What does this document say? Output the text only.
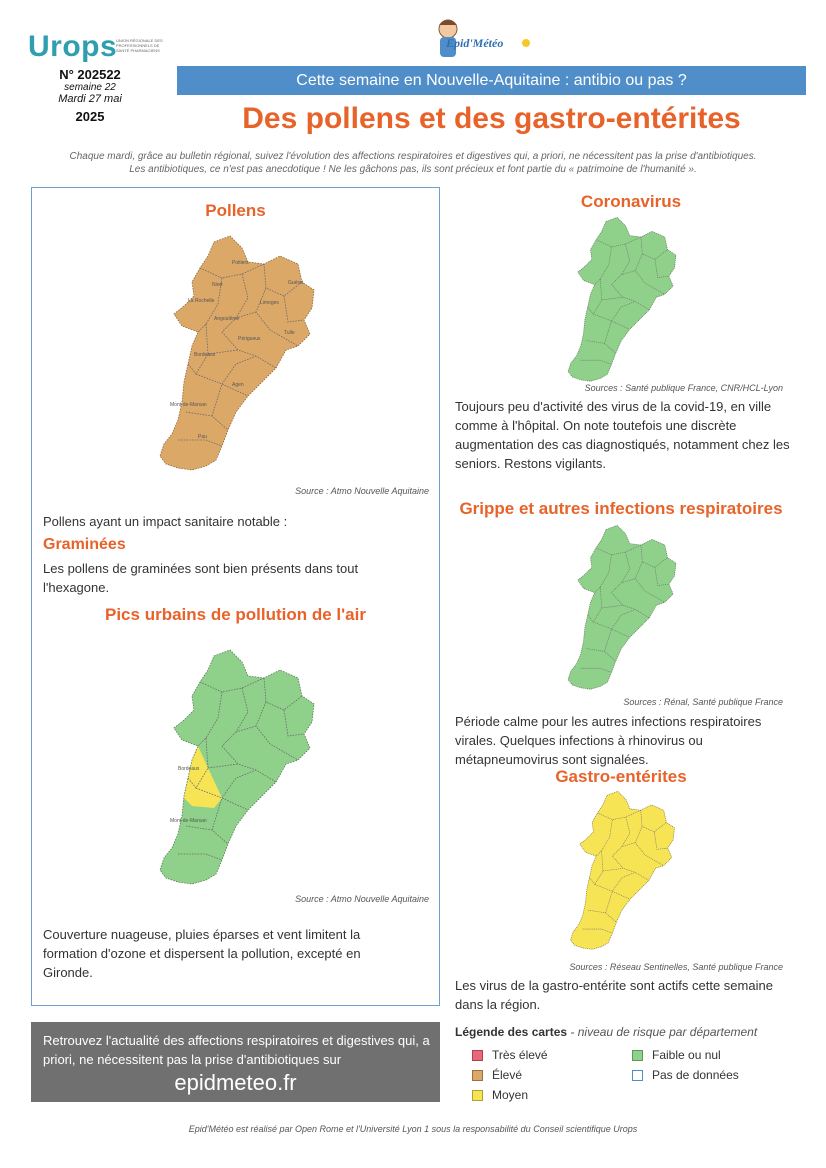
Urops
UNION RÉGIONALE DES PROFESSIONNELS DE SANTÉ PHARMACIENS
Epid'Météo
N° 202522
semaine 22
Mardi 27 mai
2025
Cette semaine en Nouvelle-Aquitaine : antibio ou pas ?
Des pollens et des gastro-entérites
Chaque mardi, grâce au bulletin régional, suivez l'évolution des affections respiratoires et digestives qui, a priori, ne nécessitent pas la prise d'antibiotiques.
Les antibiotiques, ce n'est pas anecdotique ! Ne les gâchons pas, ils sont précieux et font partie du « patrimoine de l'humanité ».
Pollens
Poitiers
Niort
La Rochelle	Limoges
Guéret
Angoulême
Tulle
Périgueux
Bordeaux
Agen
Mont-de-Marsan
Pau
Source : Atmo Nouvelle Aquitaine
Pollens ayant un impact sanitaire notable :
Graminées
Les pollens de graminées sont bien présents dans tout l'hexagone.
Pics urbains de pollution de l'air
Bordeaux
Mont-de-Marsan
Source : Atmo Nouvelle Aquitaine
Couverture nuageuse, pluies éparses et vent limitent la formation d'ozone et dispersent la pollution, excepté en Gironde.
Coronavirus
Sources : Santé publique France, CNR/HCL-Lyon
Toujours peu d'activité des virus de la covid-19, en ville comme à l'hôpital. On note toutefois une discrète augmentation des cas diagnostiqués, notamment chez les seniors. Restons vigilants.
Grippe et autres infections respiratoires
Sources : Rénal, Santé publique France
Période calme pour les autres infections respiratoires virales. Quelques infections à rhinovirus ou métapneumovirus sont signalées.
Gastro-entérites
Sources : Réseau Sentinelles, Santé publique France
Les virus de la gastro-entérite sont actifs cette semaine dans la région.
Retrouvez l'actualité des affections respiratoires et digestives qui, a priori, ne nécessitent pas la prise d'antibiotiques sur
epidmeteo.fr
Légende des cartes - niveau de risque par département
Très élevé
Élevé
Moyen
Faible ou nul
Pas de données
Epid'Météo est réalisé par Open Rome et l'Université Lyon 1 sous la responsabilité du Conseil scientifique Urops
